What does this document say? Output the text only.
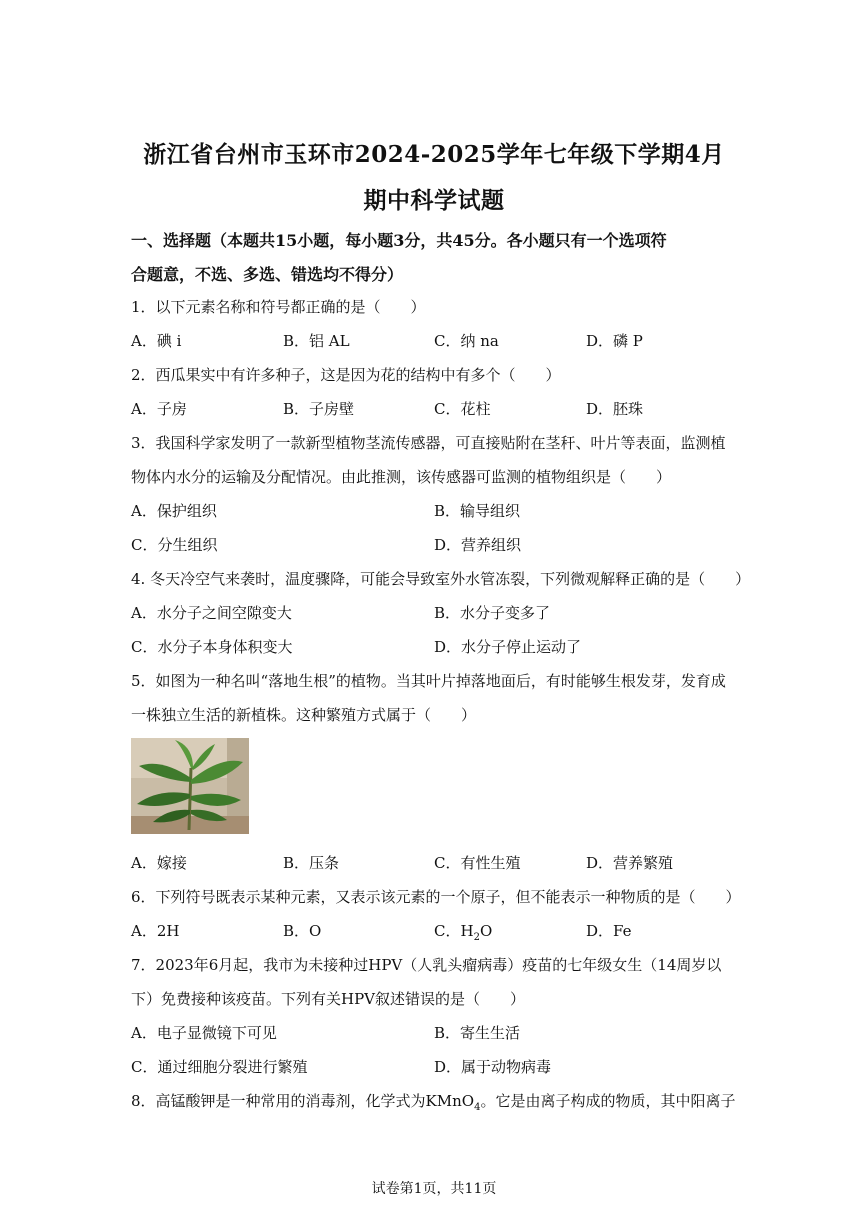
浙江省台州市玉环市2024-2025学年七年级下学期4月
期中科学试题
一、选择题（本题共15小题，每小题3分，共45分。各小题只有一个选项符
合题意，不选、多选、错选均不得分）
1．以下元素名称和符号都正确的是（　　）
A．碘 i	B．铝 AL	C．纳 na	D．磷 P
2．西瓜果实中有许多种子，这是因为花的结构中有多个（　　）
A．子房	B．子房壁	C．花柱	D．胚珠
3．我国科学家发明了一款新型植物茎流传感器，可直接贴附在茎秆、叶片等表面，监测植
物体内水分的运输及分配情况。由此推测，该传感器可监测的植物组织是（　　）
A．保护组织	B．输导组织
C．分生组织	D．营养组织
4. 冬天冷空气来袭时，温度骤降，可能会导致室外水管冻裂，下列微观解释正确的是（　　）
A．水分子之间空隙变大	B．水分子变多了
C．水分子本身体积变大	D．水分子停止运动了
5．如图为一种名叫“落地生根”的植物。当其叶片掉落地面后，有时能够生根发芽，发育成
一株独立生活的新植株。这种繁殖方式属于（　　）
A．嫁接	B．压条	C．有性生殖	D．营养繁殖
6．下列符号既表示某种元素，又表示该元素的一个原子，但不能表示一种物质的是（　　）
A．2H	B．O	C．$H_2O$	D．Fe
7．2023年6月起，我市为未接种过HPV（人乳头瘤病毒）疫苗的七年级女生（14周岁以
下）免费接种该疫苗。下列有关HPV叙述错误的是（　　）
A．电子显微镜下可见	B．寄生生活
C．通过细胞分裂进行繁殖	D．属于动物病毒
8．高锰酸钾是一种常用的消毒剂，化学式为KMnO$_4$。它是由离子构成的物质，其中阳离子
试卷第1页，共11页
